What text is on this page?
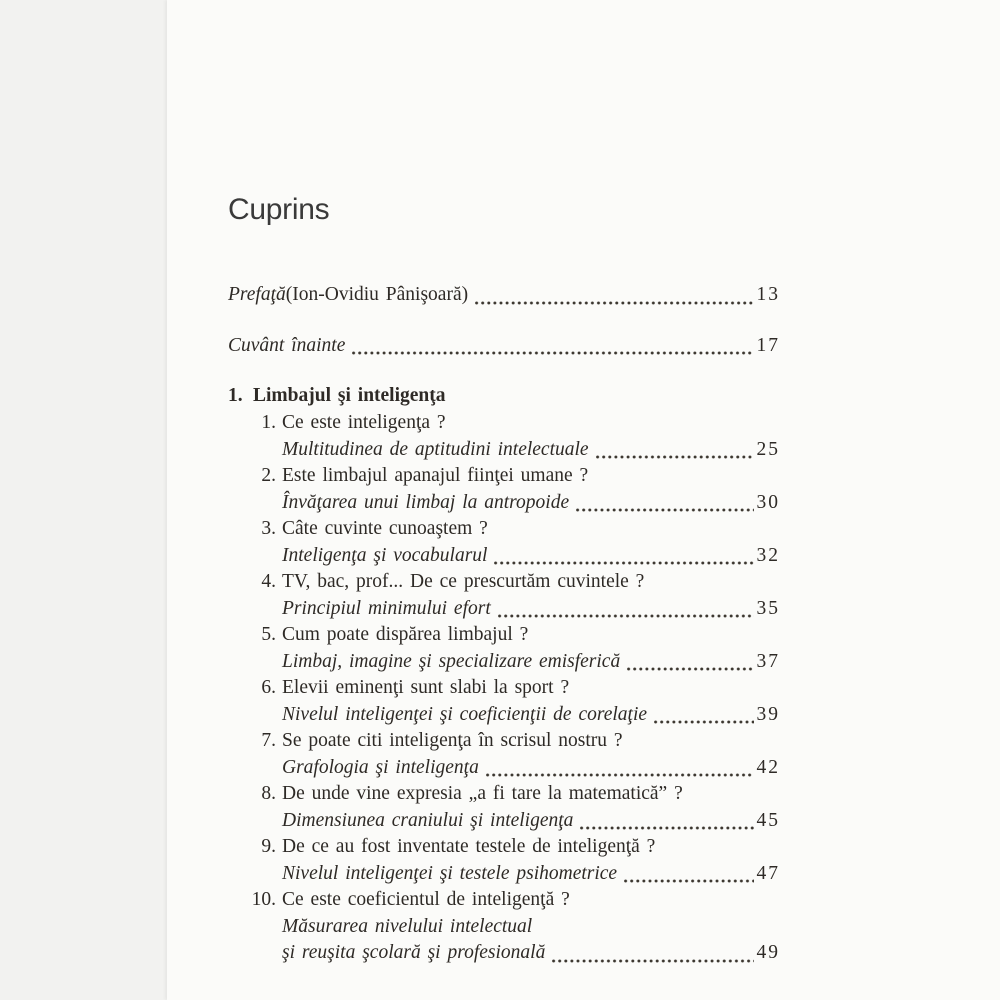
Cuprins
Prefaţă (Ion-Ovidiu Pânişoară)	13
Cuvânt înainte	17
1. Limbajul şi inteligenţa
1. Ce este inteligenţa ?
Multitudinea de aptitudini intelectuale	25
2. Este limbajul apanajul fiinţei umane ?
Învăţarea unui limbaj la antropoide	30
3. Câte cuvinte cunoaştem ?
Inteligenţa şi vocabularul	32
4. TV, bac, prof... De ce prescurtăm cuvintele ?
Principiul minimului efort	35
5. Cum poate dispărea limbajul ?
Limbaj, imagine şi specializare emisferică	37
6. Elevii eminenţi sunt slabi la sport ?
Nivelul inteligenţei şi coeficienţii de corelaţie	39
7. Se poate citi inteligenţa în scrisul nostru ?
Grafologia şi inteligenţa	42
8. De unde vine expresia „a fi tare la matematică” ?
Dimensiunea craniului şi inteligenţa	45
9. De ce au fost inventate testele de inteligenţă ?
Nivelul inteligenţei şi testele psihometrice	47
10. Ce este coeficientul de inteligenţă ?
Măsurarea nivelului intelectual
şi reuşita şcolară şi profesională	49
